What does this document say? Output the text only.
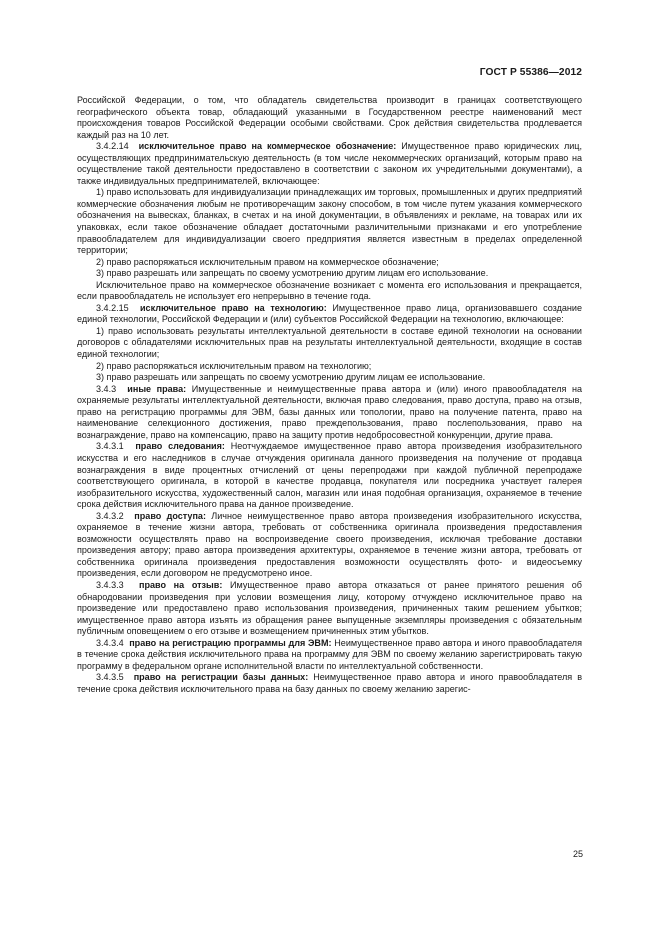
ГОСТ Р 55386—2012

Российской Федерации, о том, что обладатель свидетельства производит в границах соответствующего географического объекта товар, обладающий указанными в Государственном реестре наименований мест происхождения товаров Российской Федерации особыми свойствами. Срок действия свидетельства продлевается каждый раз на 10 лет.

3.4.2.14 исключительное право на коммерческое обозначение: Имущественное право юридических лиц, осуществляющих предпринимательскую деятельность (в том числе некоммерческих организаций, которым право на осуществление такой деятельности предоставлено в соответствии с законом их учредительными документами), а также индивидуальных предпринимателей, включающее:

1) право использовать для индивидуализации принадлежащих им торговых, промышленных и других предприятий коммерческие обозначения любым не противоречащим закону способом, в том числе путем указания коммерческого обозначения на вывесках, бланках, в счетах и на иной документации, в объявлениях и рекламе, на товарах или их упаковках, если такое обозначение обладает достаточными различительными признаками и его употребление правообладателем для индивидуализации своего предприятия является известным в пределах определенной территории;

2) право распоряжаться исключительным правом на коммерческое обозначение;

3) право разрешать или запрещать по своему усмотрению другим лицам его использование.

Исключительное право на коммерческое обозначение возникает с момента его использования и прекращается, если правообладатель не использует его непрерывно в течение года.

3.4.2.15 исключительное право на технологию: Имущественное право лица, организовавшего создание единой технологии, Российской Федерации и (или) субъектов Российской Федерации на технологию, включающее:

1) право использовать результаты интеллектуальной деятельности в составе единой технологии на основании договоров с обладателями исключительных прав на результаты интеллектуальной деятельности, входящие в состав единой технологии;

2) право распоряжаться исключительным правом на технологию;

3) право разрешать или запрещать по своему усмотрению другим лицам ее использование.

3.4.3 иные права: Имущественные и неимущественные права автора и (или) иного правообладателя на охраняемые результаты интеллектуальной деятельности, включая право следования, право доступа, право на отзыв, право на регистрацию программы для ЭВМ, базы данных или топологии, право на получение патента, право на наименование селекционного достижения, право преждепользования, право послепользования, право на вознаграждение, право на компенсацию, право на защиту против недобросовестной конкуренции, другие права.

3.4.3.1 право следования: Неотчуждаемое имущественное право автора произведения изобразительного искусства и его наследников в случае отчуждения оригинала данного произведения на получение от продавца вознаграждения в виде процентных отчислений от цены перепродажи при каждой публичной перепродаже соответствующего оригинала, в которой в качестве продавца, покупателя или посредника участвует галерея изобразительного искусства, художественный салон, магазин или иная подобная организация, охраняемое в течение срока действия исключительного права на данное произведение.

3.4.3.2 право доступа: Личное неимущественное право автора произведения изобразительного искусства, охраняемое в течение жизни автора, требовать от собственника оригинала произведения предоставления возможности осуществлять право на воспроизведение своего произведения, исключая требование доставки произведения автору; право автора произведения архитектуры, охраняемое в течение жизни автора, требовать от собственника оригинала произведения предоставления возможности осуществлять фото- и видеосъемку произведения, если договором не предусмотрено иное.

3.4.3.3 право на отзыв: Имущественное право автора отказаться от ранее принятого решения об обнародовании произведения при условии возмещения лицу, которому отчуждено исключительное право на произведение или предоставлено право использования произведения, причиненных таким решением убытков; имущественное право автора изъять из обращения ранее выпущенные экземпляры произведения с обязательным публичным оповещением о его отзыве и возмещением причиненных этим убытков.

3.4.3.4 право на регистрацию программы для ЭВМ: Неимущественное право автора и иного правообладателя в течение срока действия исключительного права на программу для ЭВМ по своему желанию зарегистрировать такую программу в федеральном органе исполнительной власти по интеллектуальной собственности.

3.4.3.5 право на регистрации базы данных: Неимущественное право автора и иного правообладателя в течение срока действия исключительного права на базу данных по своему желанию зарегис-

25
